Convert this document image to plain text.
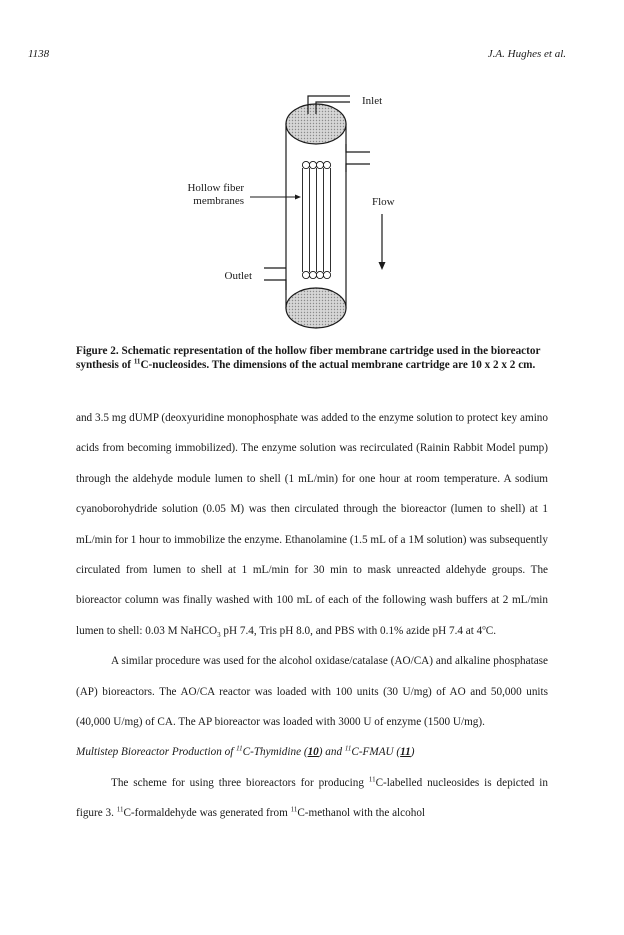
1138	J.A. Hughes et al.
Inlet
Hollow fiber
membranes	Flow
Outlet
Figure 2. Schematic representation of the hollow fiber membrane cartridge used in the bioreactor synthesis of $^{11}$C-nucleosides. The dimensions of the actual membrane cartridge are 10 x 2 x 2 cm.

and 3.5 mg dUMP (deoxyuridine monophosphate was added to the enzyme solution to protect key amino acids from becoming immobilized). The enzyme solution was recirculated (Rainin Rabbit Model pump) through the aldehyde module lumen to shell (1 mL/min) for one hour at room temperature. A sodium cyanoborohydride solution (0.05 M) was then circulated through the bioreactor (lumen to shell) at 1 mL/min for 1 hour to immobilize the enzyme. Ethanolamine (1.5 mL of a 1M solution) was subsequently circulated from lumen to shell at 1 mL/min for 30 min to mask unreacted aldehyde groups. The bioreactor column was finally washed with 100 mL of each of the following wash buffers at 2 mL/min lumen to shell: 0.03 M NaHCO$_3$ pH 7.4, Tris pH 8.0, and PBS with 0.1% azide pH 7.4 at 4$^o$C.

A similar procedure was used for the alcohol oxidase/catalase (AO/CA) and alkaline phosphatase (AP) bioreactors. The AO/CA reactor was loaded with 100 units (30 U/mg) of AO and 50,000 units (40,000 U/mg) of CA. The AP bioreactor was loaded with 3000 U of enzyme (1500 U/mg).

Multistep Bioreactor Production of $^{11}$C-Thymidine (10) and $^{11}$C-FMAU (11)

The scheme for using three bioreactors for producing $^{11}$C-labelled nucleosides is depicted in figure 3. $^{11}$C-formaldehyde was generated from $^{11}$C-methanol with the alcohol
